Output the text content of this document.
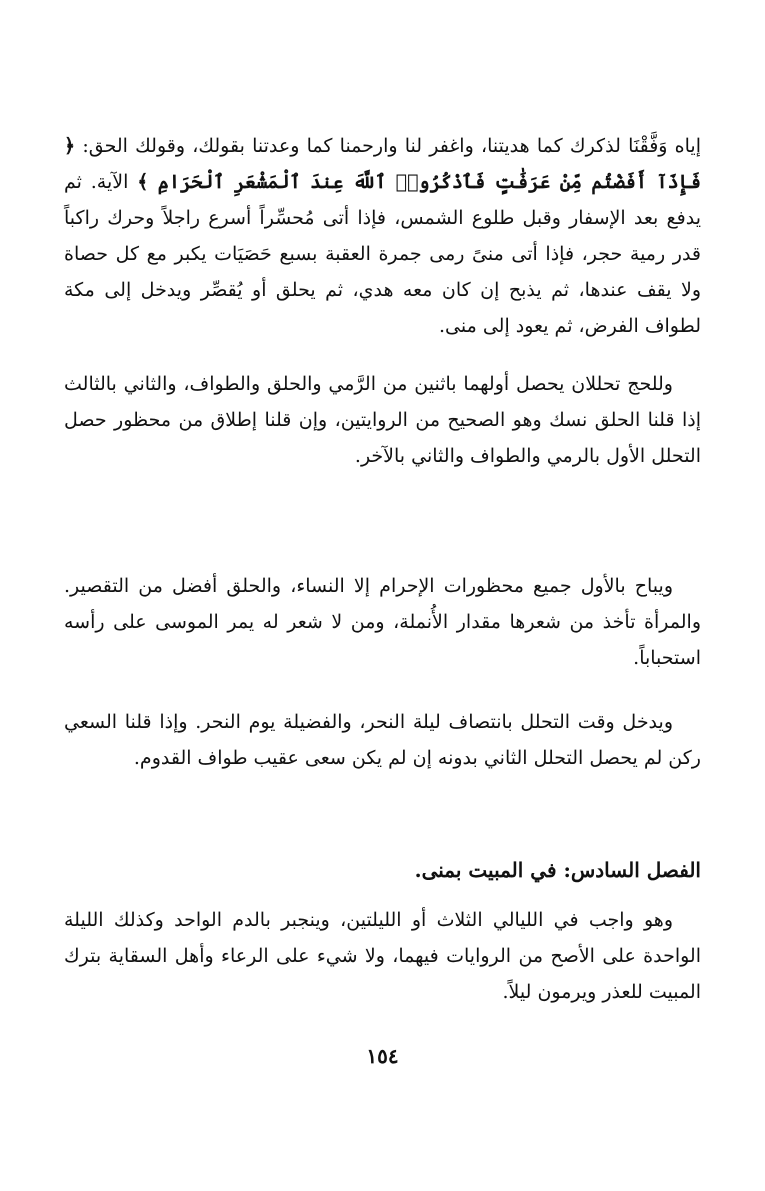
إياه وَفَّقْنَا لذكرك كما هديتنا، واغفر لنا وارحمنا كما وعدتنا بقولك، وقولك الحق: ﴿ فَإِذَآ أَفَضْتُم مِّنْ عَرَفَٰتٍ فَٱذْكُرُوا۟ ٱللَّهَ عِندَ ٱلْمَشْعَرِ ٱلْحَرَامِ ﴾ الآية. ثم يدفع بعد الإسفار وقبل طلوع الشمس، فإذا أتى مُحسِّراً أسرع راجلاً وحرك راكباً قدر رمية حجر، فإذا أتى منىً رمى جمرة العقبة بسبع حَصَيَات يكبر مع كل حصاة ولا يقف عندها، ثم يذبح إن كان معه هدي، ثم يحلق أو يُقصِّر ويدخل إلى مكة لطواف الفرض، ثم يعود إلى منى.

وللحج تحللان يحصل أولهما باثنين من الرَّمي والحلق والطواف، والثاني بالثالث إذا قلنا الحلق نسك وهو الصحيح من الروايتين، وإن قلنا إطلاق من محظور حصل التحلل الأول بالرمي والطواف والثاني بالآخر.

ويباح بالأول جميع محظورات الإحرام إلا النساء، والحلق أفضل من التقصير. والمرأة تأخذ من شعرها مقدار الأُنملة، ومن لا شعر له يمر الموسى على رأسه استحباباً.

ويدخل وقت التحلل بانتصاف ليلة النحر، والفضيلة يوم النحر. وإذا قلنا السعي ركن لم يحصل التحلل الثاني بدونه إن لم يكن سعى عقيب طواف القدوم.

الفصل السادس: في المبيت بمنى.

وهو واجب في الليالي الثلاث أو الليلتين، وينجبر بالدم الواحد وكذلك الليلة الواحدة على الأصح من الروايات فيهما، ولا شيء على الرعاء وأهل السقاية بترك المبيت للعذر ويرمون ليلاً.

١٥٤
